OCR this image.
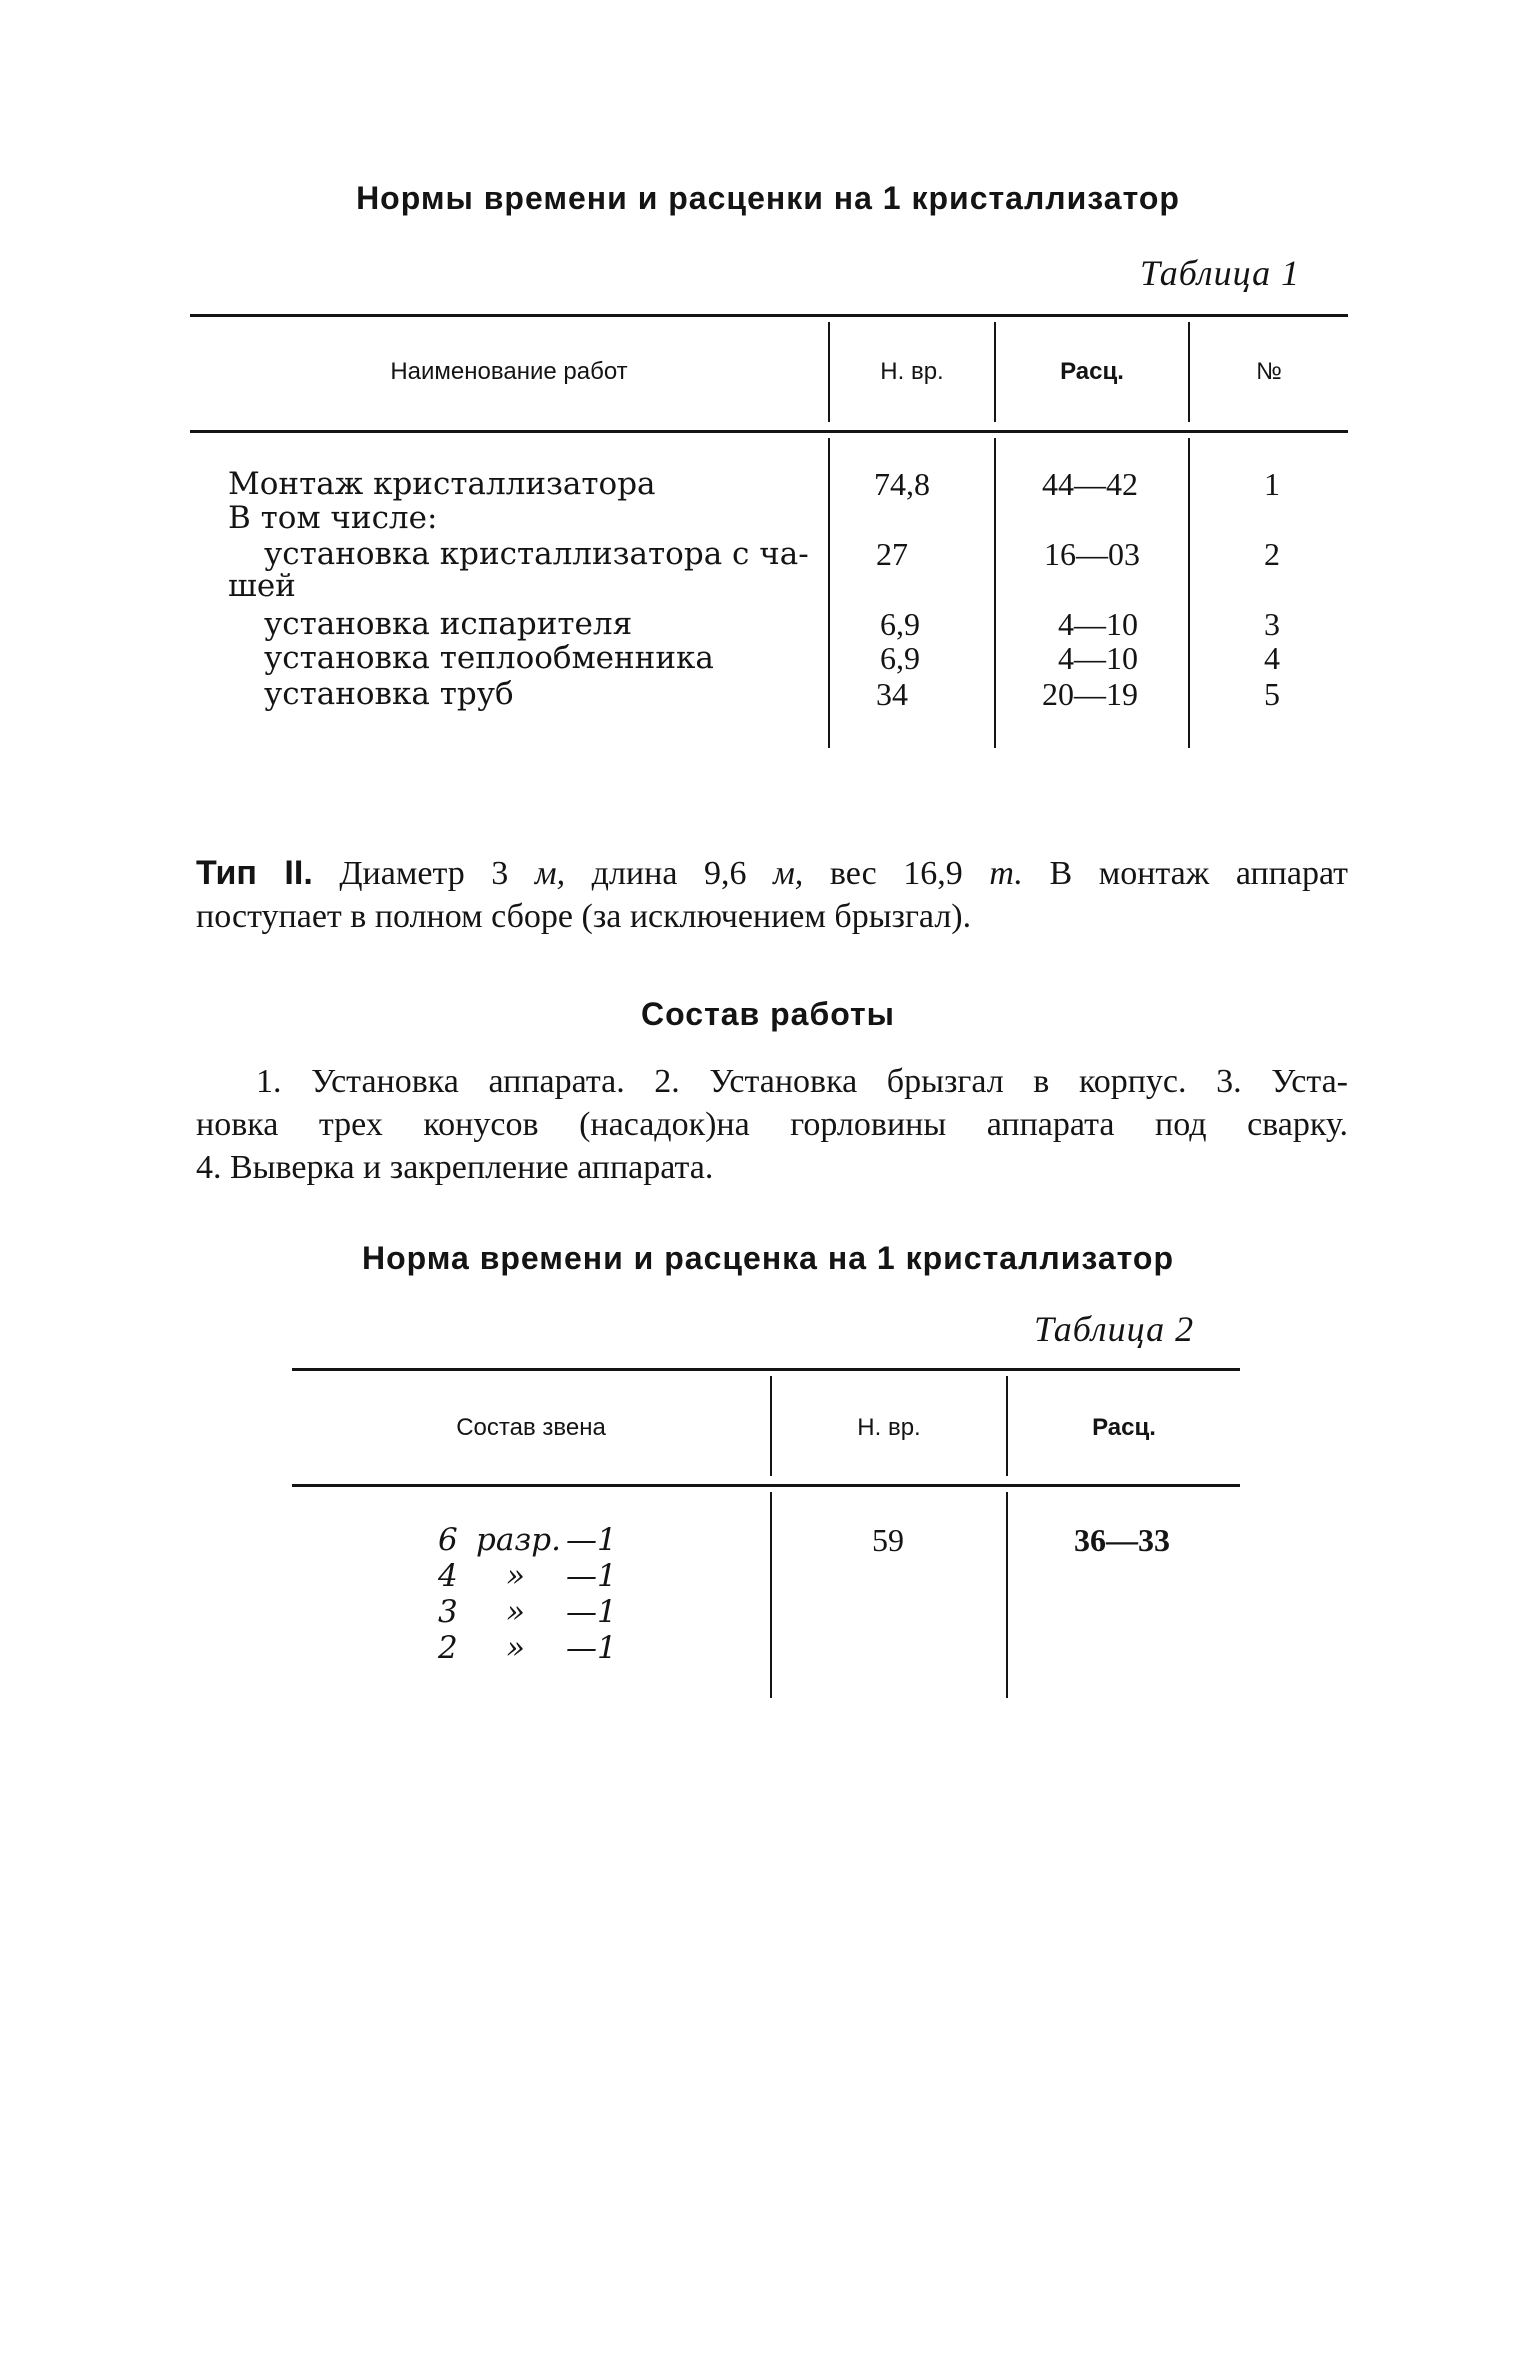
Нормы времени и расценки на 1 кристаллизатор
Таблица 1
Наименование работ	Н. вр.	Расц.	№
Монтаж кристаллизатора	74,8	44—42	1
В том числе:
установка кристаллизатора с ча-
шей
27	16—03	2
установка испарителя	6,9	4—10	3
установка теплообменника	6,9	4—10	4
установка труб	34	20—19	5
Тип II. Диаметр 3 м, длина 9,6 м, вес 16,9 т. В монтаж аппарат
поступает в полном сборе (за исключением брызгал).
Состав работы
1. Установка аппарата. 2. Установка брызгал в корпус. 3. Уста-
новка трех конусов (насадок)на горловины аппарата под сварку.
4. Выверка и закрепление аппарата.
Норма времени и расценка на 1 кристаллизатор
Таблица 2
Состав звена	Н. вр.	Расц.
6 разр. —1
4 » —1
3 » —1
2 » —1
59	36—33
